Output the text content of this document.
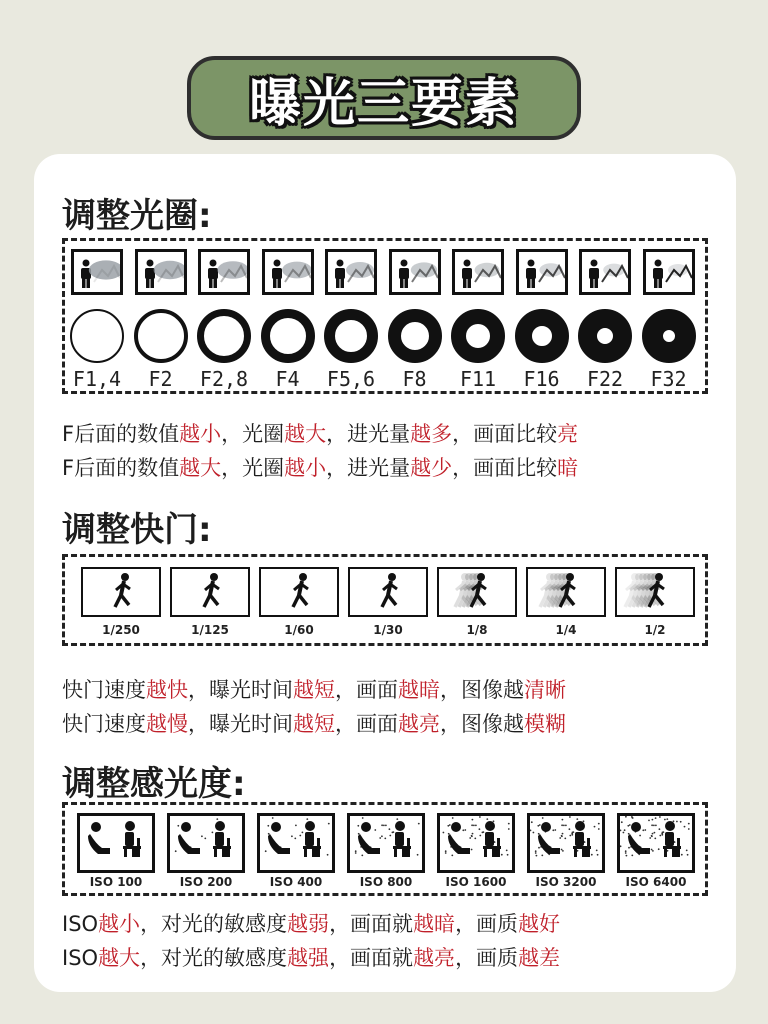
曝光三要素
调整光圈:
F1,4	F2	F2,8	F4	F5,6	F8	F11	F16	F22	F32
F后面的数值越小，光圈越大，进光量越多，画面比较亮
F后面的数值越大，光圈越小，进光量越少，画面比较暗
调整快门:
1/250	1/125	1/60	1/30	1/8	1/4	1/2
快门速度越快，曝光时间越短，画面越暗，图像越清晰
快门速度越慢，曝光时间越短，画面越亮，图像越模糊
调整感光度:
ISO 100	ISO 200	ISO 400	ISO 800	ISO 1600	ISO 3200	ISO 6400
ISO越小，对光的敏感度越弱，画面就越暗，画质越好
ISO越大，对光的敏感度越强，画面就越亮，画质越差
